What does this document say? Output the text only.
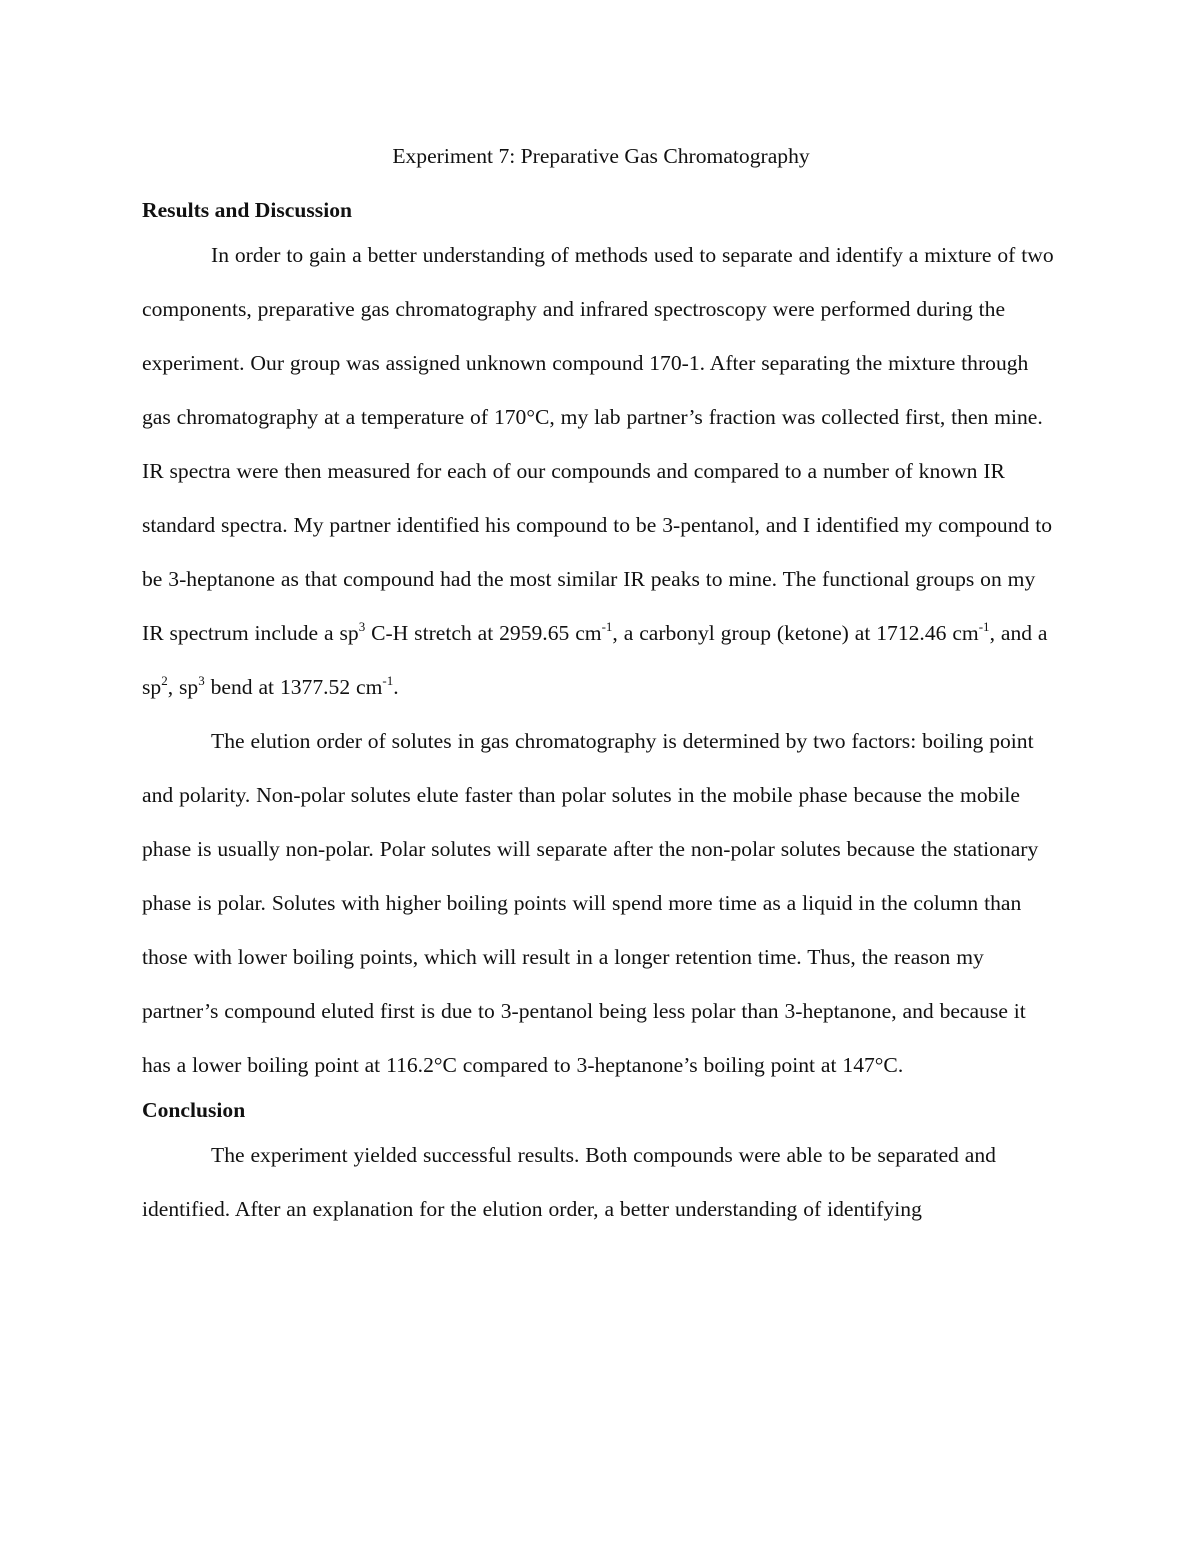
Experiment 7: Preparative Gas Chromatography
Results and Discussion

In order to gain a better understanding of methods used to separate and identify a mixture of two components, preparative gas chromatography and infrared spectroscopy were performed during the experiment. Our group was assigned unknown compound 170-1. After separating the mixture through gas chromatography at a temperature of 170°C, my lab partner’s fraction was collected first, then mine. IR spectra were then measured for each of our compounds and compared to a number of known IR standard spectra. My partner identified his compound to be 3-pentanol, and I identified my compound to be 3-heptanone as that compound had the most similar IR peaks to mine. The functional groups on my IR spectrum include a $sp^3$ C-H stretch at 2959.65 $cm^{-1}$, a carbonyl group (ketone) at 1712.46 $cm^{-1}$, and a $sp^2$, $sp^3$ bend at 1377.52 $cm^{-1}$.

The elution order of solutes in gas chromatography is determined by two factors: boiling point and polarity. Non-polar solutes elute faster than polar solutes in the mobile phase because the mobile phase is usually non-polar. Polar solutes will separate after the non-polar solutes because the stationary phase is polar. Solutes with higher boiling points will spend more time as a liquid in the column than those with lower boiling points, which will result in a longer retention time. Thus, the reason my partner’s compound eluted first is due to 3-pentanol being less polar than 3-heptanone, and because it has a lower boiling point at 116.2°C compared to 3-heptanone’s boiling point at 147°C.

Conclusion

The experiment yielded successful results. Both compounds were able to be separated and identified. After an explanation for the elution order, a better understanding of identifying
